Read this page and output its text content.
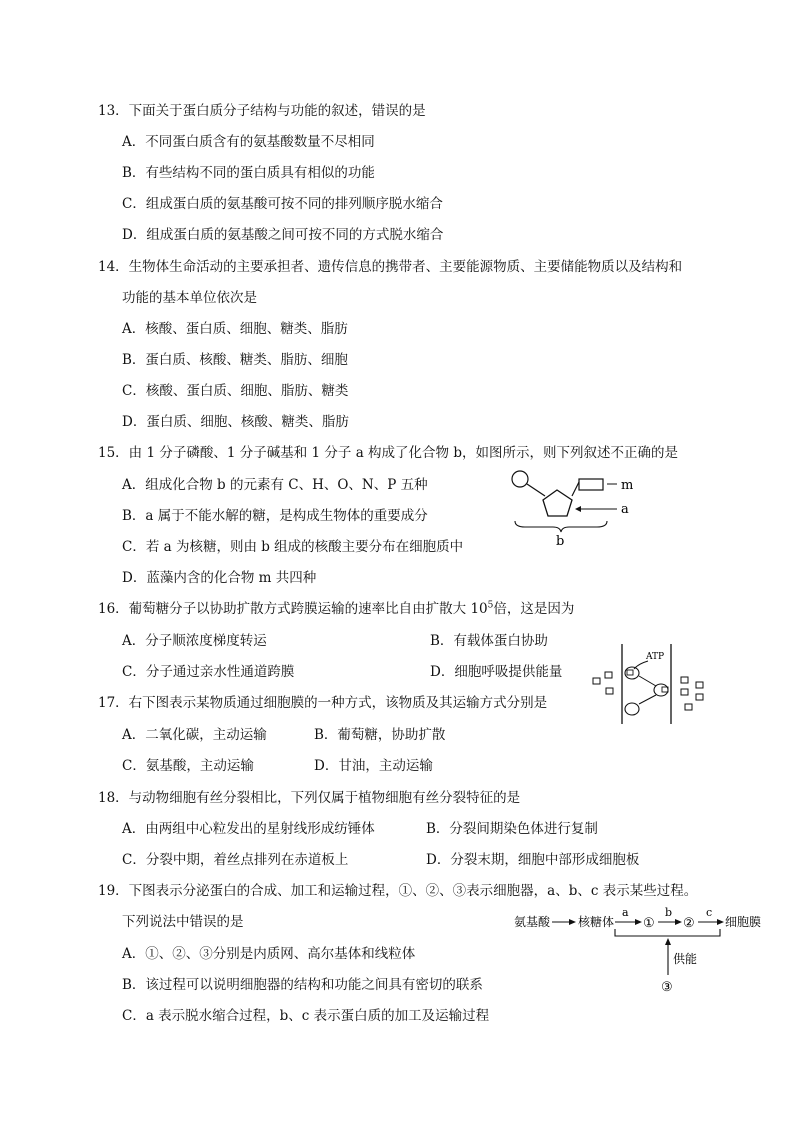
13．下面关于蛋白质分子结构与功能的叙述，错误的是
A．不同蛋白质含有的氨基酸数量不尽相同
B．有些结构不同的蛋白质具有相似的功能
C．组成蛋白质的氨基酸可按不同的排列顺序脱水缩合
D．组成蛋白质的氨基酸之间可按不同的方式脱水缩合
14．生物体生命活动的主要承担者、遗传信息的携带者、主要能源物质、主要储能物质以及结构和
功能的基本单位依次是
A．核酸、蛋白质、细胞、糖类、脂肪
B．蛋白质、核酸、糖类、脂肪、细胞
C．核酸、蛋白质、细胞、脂肪、糖类
D．蛋白质、细胞、核酸、糖类、脂肪
15．由 1 分子磷酸、1 分子碱基和 1 分子 a 构成了化合物 b，如图所示，则下列叙述不正确的是
A．组成化合物 b 的元素有 C、H、O、N、P 五种
B．a 属于不能水解的糖，是构成生物体的重要成分
C．若 a 为核糖，则由 b 组成的核酸主要分布在细胞质中
D．蓝藻内含的化合物 m 共四种
m
a
b
16．葡萄糖分子以协助扩散方式跨膜运输的速率比自由扩散大 $10^5$倍，这是因为
A．分子顺浓度梯度转运	B．有载体蛋白协助
C．分子通过亲水性通道跨膜	D．细胞呼吸提供能量
17．右下图表示某物质通过细胞膜的一种方式，该物质及其运输方式分别是
A．二氧化碳，主动运输	B．葡萄糖，协助扩散
C．氨基酸，主动运输	D．甘油，主动运输
ATP
18．与动物细胞有丝分裂相比，下列仅属于植物细胞有丝分裂特征的是
A．由两组中心粒发出的星射线形成纺锤体	B．分裂间期染色体进行复制
C．分裂中期，着丝点排列在赤道板上	D．分裂末期，细胞中部形成细胞板
19．下图表示分泌蛋白的合成、加工和运输过程，①、②、③表示细胞器，a、b、c 表示某些过程。
下列说法中错误的是
A．①、②、③分别是内质网、高尔基体和线粒体
B．该过程可以说明细胞器的结构和功能之间具有密切的联系
C．a 表示脱水缩合过程，b、c 表示蛋白质的加工及运输过程
氨基酸 核糖体
a
①
b
②
c
细胞膜
供能
③
